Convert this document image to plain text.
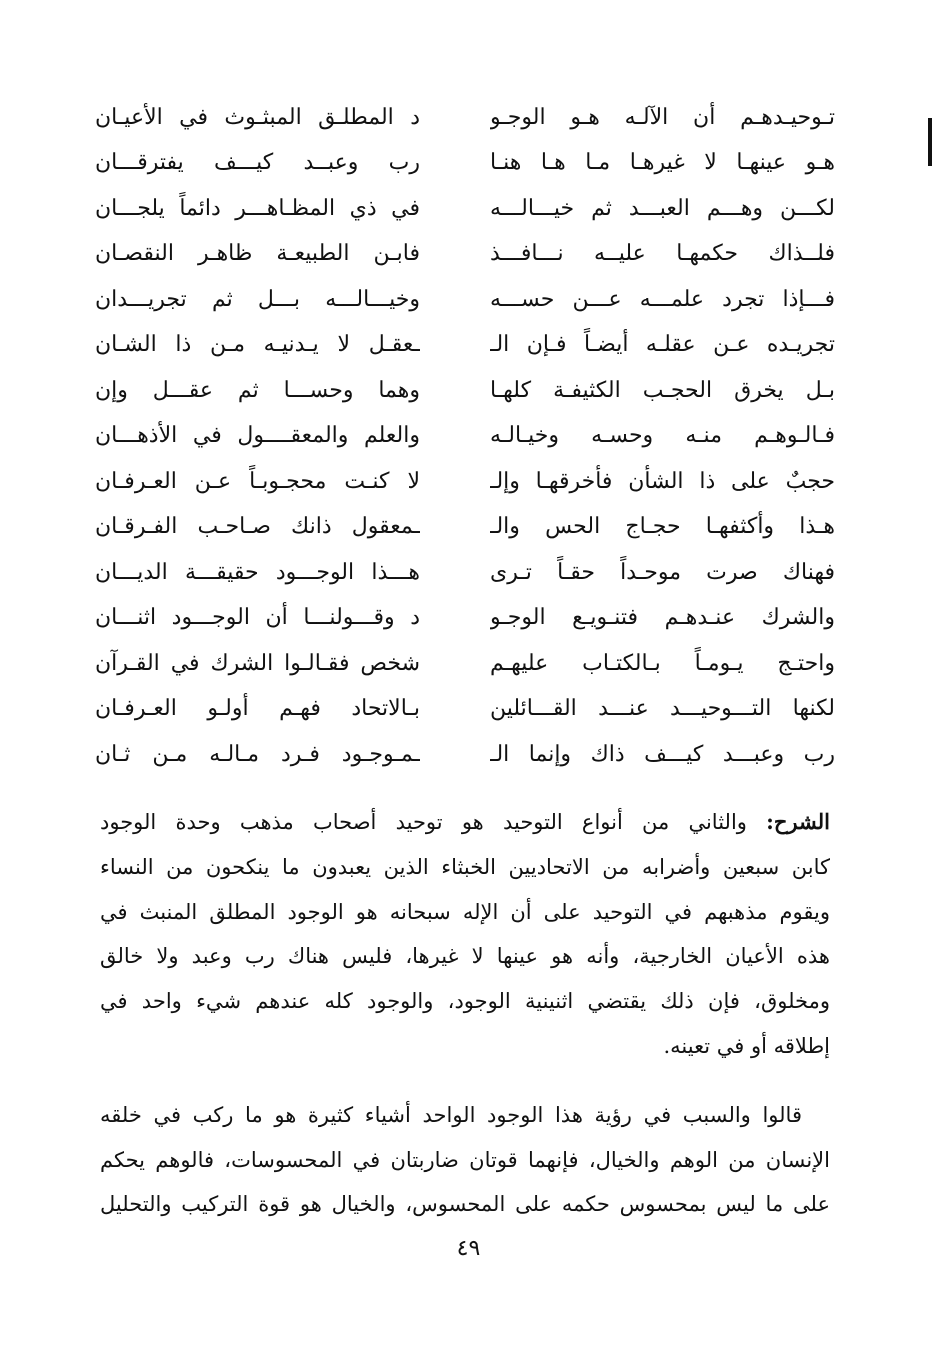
تـوحيـدهـم أن الآلـه هـو الوجـو
د المطلـق المبثـوث في الأعيـان
هـو عينهـا لا غيرهـا مـا هـا هنـا
رب وعبــد كيـــف يفترقـــان
لكـــن وهـــم العبـــد ثم خيـــالـــه
في ذي المظـاهـــر دائماً يلجـــان
فلــذاك حكمهـا عليــه نـــافـــذ
فابـن الطبيعـة ظاهـر النقصـان
فـــإذا تجرد علمـــه عـــن حســـه
وخيـــالـــه بـــل ثم تجريـــدان
تجريـده عـن عقلـه أيضـاً فـإن الـ
ـعقـل لا يـدنيـه مـن ذا الشـان
بـل يخرق الحجـب الكثيفـة كلهـا
وهما وحســـا ثم عقـــل وإن
فـالـوهـم منـه وحسـه وخيـالـه
والعلم والمعقــــول في الأذهـــان
حجبٌ على ذا الشأن فأخرقهـا وإلـ
لا كنـت محجـوبـاً عـن العـرفـان
هـذا وأكثفهـا حجـاج الحس والـ
ـمعقول ذانك صـاحـب الفـرقـان
فهناك صرت موحـداً حقـاً تـرى
هـــذا الوجـــود حقيقـــة الديـــان
والشرك عنـدهـم فتنـويـع الوجـو
د وقـــولنـــا أن الوجـــود اثنـــان
واحتـج يـومـاً بـالكتـاب عليهـم
شخص فقـالـوا الشرك في القـرآن
لكنها التـــوحيـــد عنـــد القـــائلين
بـالاتحاد فهـم أولـو العـرفـان
رب وعبـــد كيـــف ذاك وإنما الـ
ـمـوجـود فـرد مـالـه مـن ثـان

الشرح: والثاني من أنواع التوحيد هو توحيد أصحاب مذهب وحدة الوجود
كابن سبعين وأضرابه من الاتحاديين الخبثاء الذين يعبدون ما ينكحون من النساء
ويقوم مذهبهم في التوحيد على أن الإله سبحانه هو الوجود المطلق المنبث في
هذه الأعيان الخارجية، وأنه هو عينها لا غيرها، فليس هناك رب وعبد ولا خالق
ومخلوق، فإن ذلك يقتضي اثنينية الوجود، والوجود كله عندهم شيء واحد في
إطلاقه أو في تعينه.

قالوا والسبب في رؤية هذا الوجود الواحد أشياء كثيرة هو ما ركب في خلقه
الإنسان من الوهم والخيال، فإنهما قوتان ضاربتان في المحسوسات، فالوهم يحكم
على ما ليس بمحسوس حكمه على المحسوس، والخيال هو قوة التركيب والتحليل

٤٩
